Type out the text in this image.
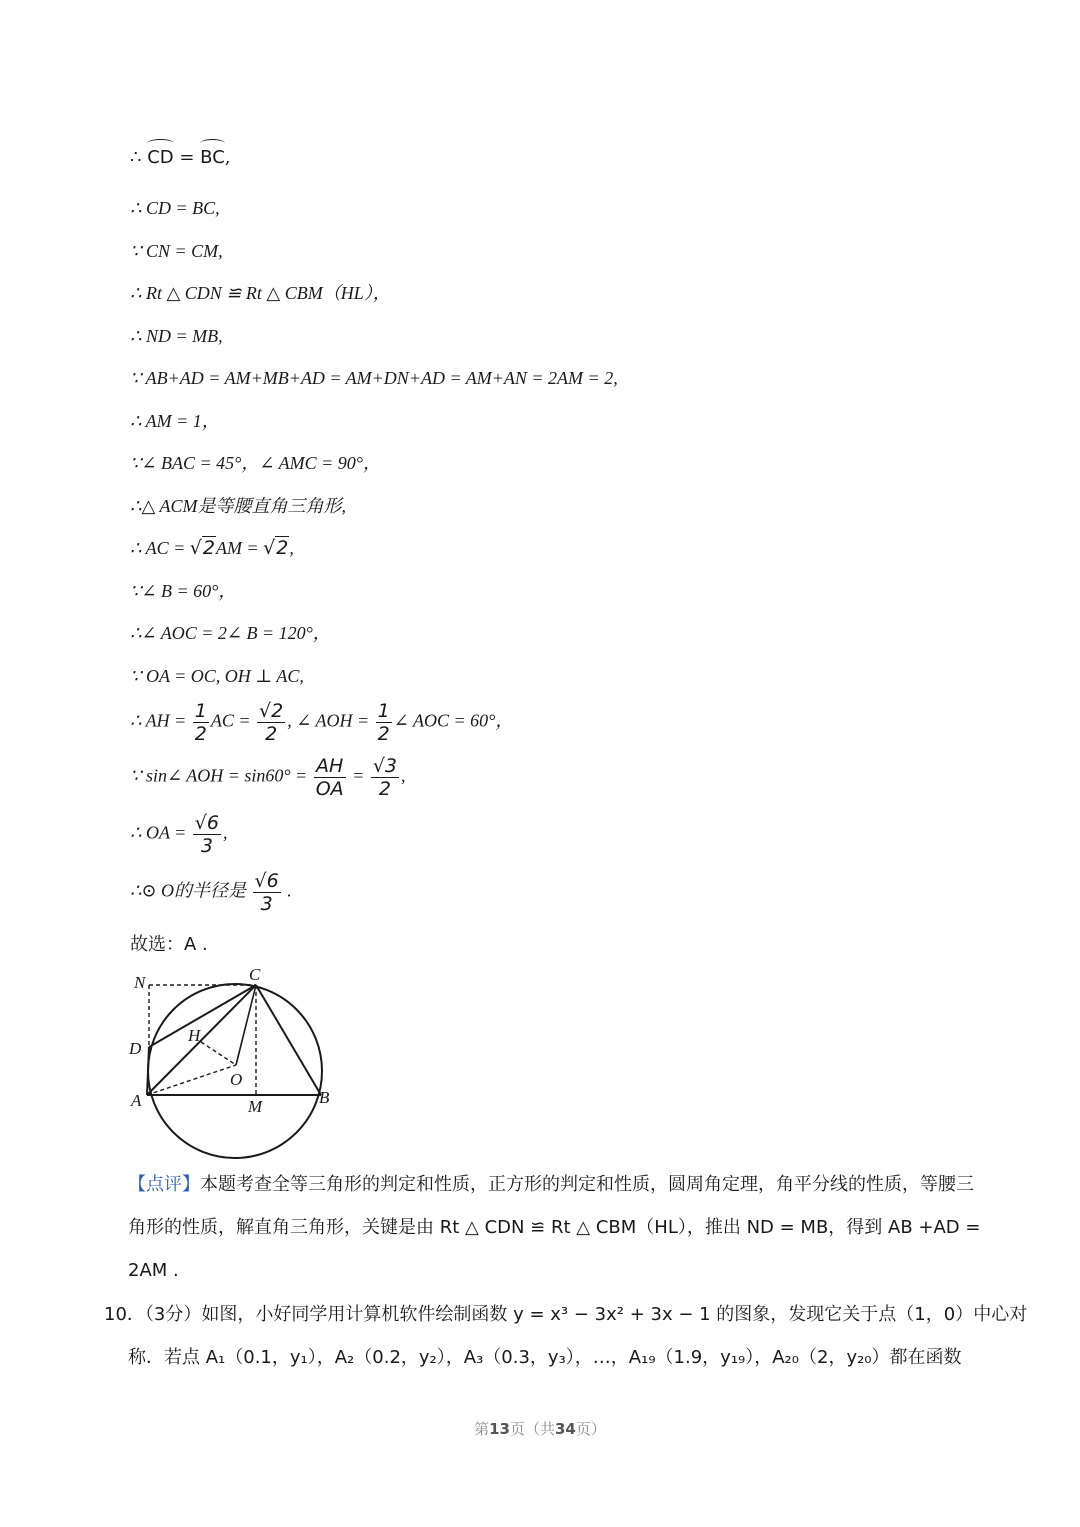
∴ CD = BC,
∴ CD = BC,
∵ CN = CM,
∴ Rt △ CDN ≌ Rt △ CBM（HL），
∴ ND = MB,
∵ AB+AD = AM+MB+AD = AM+DN+AD = AM+AN = 2AM = 2,
∴ AM = 1，
∵∠ BAC = 45°，∠ AMC = 90°，
∴△ ACM是等腰直角三角形,
∴ AC = √2AM = √2,
∵∠ B = 60°，
∴∠ AOC = 2∠ B = 120°，
∵ OA = OC, OH ⊥ AC,
∴ AH = $\frac{1}{2}$ AC = $\frac{√2}{2}$ , ∠ AOH = $\frac{1}{2}$ ∠ AOC = 60°，
∵ sin∠ AOH = $\sin 60^\circ = \frac{AH}{OA} = \frac{√3}{2}$ ,
∴ OA = $\frac{√6}{3}$ ,
∴⊙ O的半径是 $\frac{√6}{3}$ .
故选：A .
N	C
D
H
O
A	M	B
【点评】本题考查全等三角形的判定和性质，正方形的判定和性质，圆周角定理，角平分线的性质，等腰三角形的性质，解直角三角形，关键是由 Rt △ CDN ≌ Rt △ CBM（HL），推出 ND = MB，得到 AB +AD = 2AM .
10．（3分）如图，小好同学用计算机软件绘制函数 y = x³ − 3x² + 3x − 1 的图象，发现它关于点（1，0）中心对
称．若点 A₁（0.1，y₁），A₂（0.2，y₂），A₃（0.3，y₃），…，A₁₉（1.9，y₁₉），A₂₀（2，y₂₀）都在函数
第13页（共34页）
